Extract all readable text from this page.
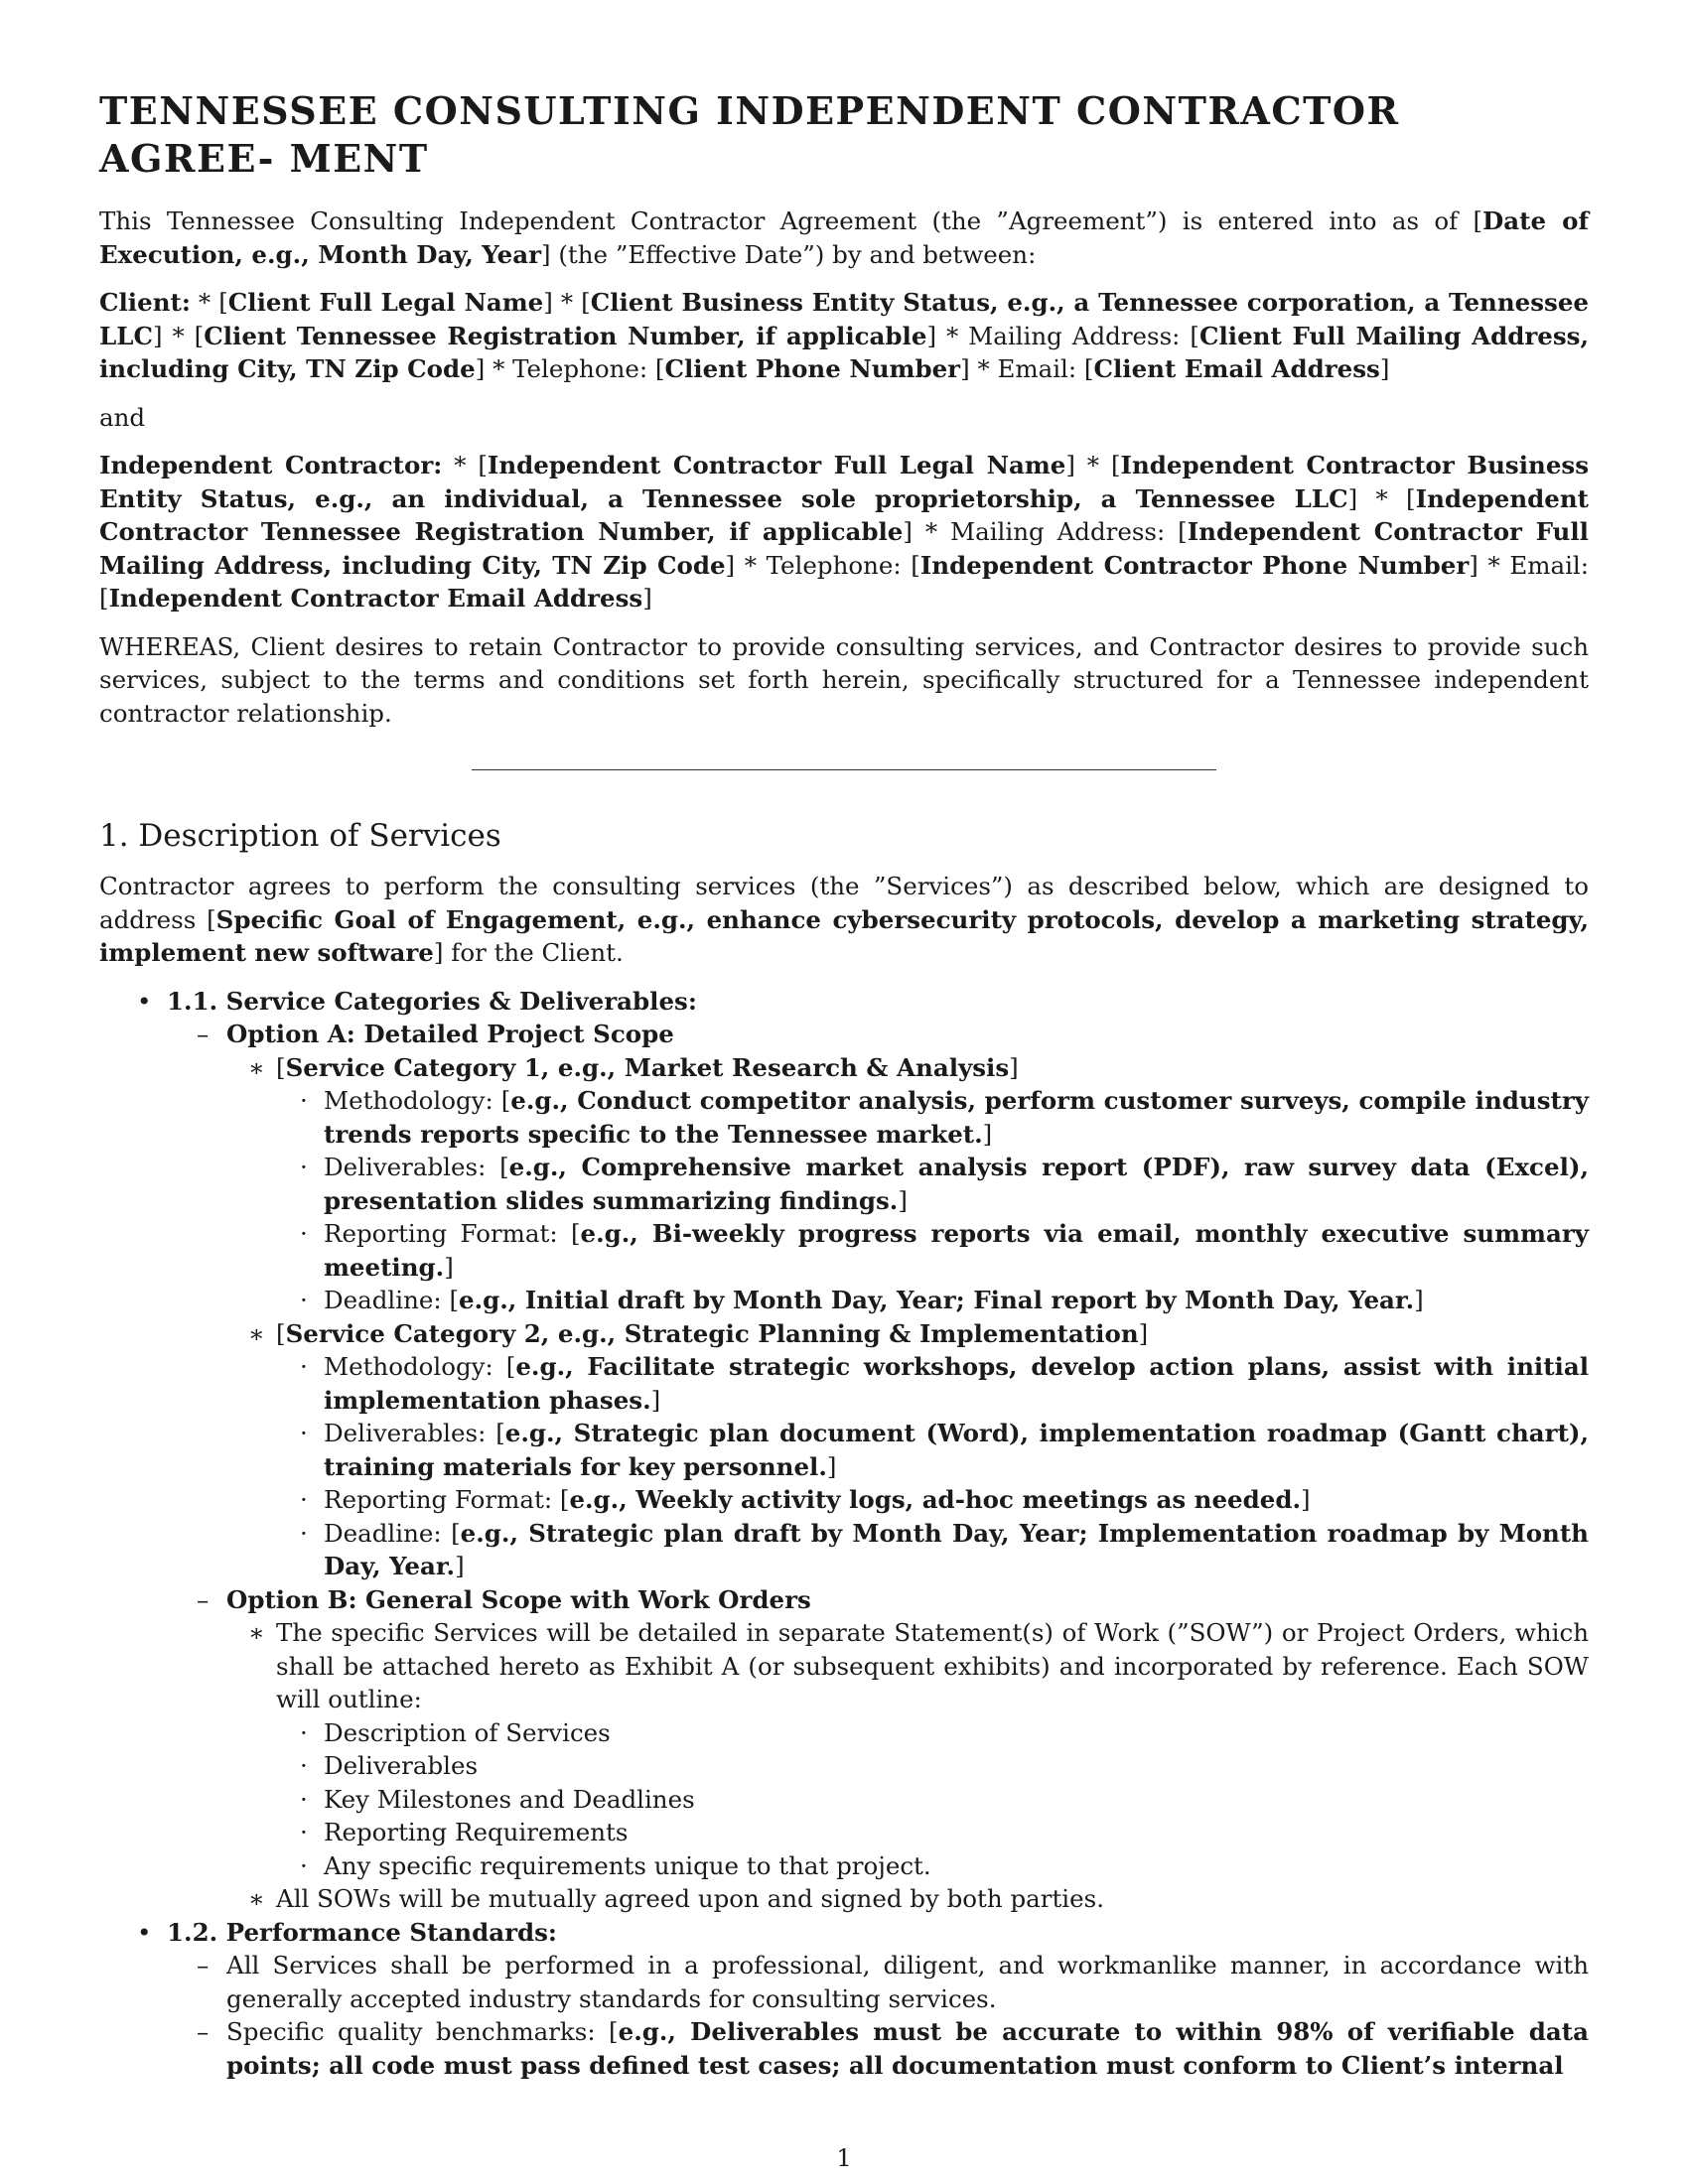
TENNESSEE CONSULTING INDEPENDENT CONTRACTOR AGREE- MENT

This Tennessee Consulting Independent Contractor Agreement (the ”Agreement”) is entered into as of [Date of Execution, e.g., Month Day, Year] (the ”Effective Date”) by and between:

Client: * [Client Full Legal Name] * [Client Business Entity Status, e.g., a Tennessee corporation, a Tennessee LLC] * [Client Tennessee Registration Number, if applicable] * Mailing Address: [Client Full Mailing Address, including City, TN Zip Code] * Telephone: [Client Phone Number] * Email: [Client Email Address]

and

Independent Contractor: * [Independent Contractor Full Legal Name] * [Independent Contractor Business Entity Status, e.g., an individual, a Tennessee sole proprietorship, a Tennessee LLC] * [Independent Contractor Tennessee Registration Number, if applicable] * Mailing Address: [Independent Contractor Full Mailing Address, including City, TN Zip Code] * Telephone: [Independent Contractor Phone Number] * Email: [Independent Contractor Email Address]

WHEREAS, Client desires to retain Contractor to provide consulting services, and Contractor desires to provide such services, subject to the terms and conditions set forth herein, specifically structured for a Tennessee independent contractor relationship.

1. Description of Services

Contractor agrees to perform the consulting services (the ”Services”) as described below, which are designed to address [Specific Goal of Engagement, e.g., enhance cybersecurity protocols, develop a marketing strategy, implement new software] for the Client.

• 1.1. Service Categories & Deliverables:
– Option A: Detailed Project Scope
∗ [Service Category 1, e.g., Market Research & Analysis]
· Methodology: [e.g., Conduct competitor analysis, perform customer surveys, compile industry trends reports specific to the Tennessee market.]
· Deliverables: [e.g., Comprehensive market analysis report (PDF), raw survey data (Excel), presentation slides summarizing findings.]
· Reporting Format: [e.g., Bi-weekly progress reports via email, monthly executive summary meeting.]
· Deadline: [e.g., Initial draft by Month Day, Year; Final report by Month Day, Year.]
∗ [Service Category 2, e.g., Strategic Planning & Implementation]
· Methodology: [e.g., Facilitate strategic workshops, develop action plans, assist with initial implementation phases.]
· Deliverables: [e.g., Strategic plan document (Word), implementation roadmap (Gantt chart), training materials for key personnel.]
· Reporting Format: [e.g., Weekly activity logs, ad-hoc meetings as needed.]
· Deadline: [e.g., Strategic plan draft by Month Day, Year; Implementation roadmap by Month Day, Year.]
– Option B: General Scope with Work Orders
∗ The specific Services will be detailed in separate Statement(s) of Work (”SOW”) or Project Orders, which shall be attached hereto as Exhibit A (or subsequent exhibits) and incorporated by reference. Each SOW will outline:
· Description of Services
· Deliverables
· Key Milestones and Deadlines
· Reporting Requirements
· Any specific requirements unique to that project.
∗ All SOWs will be mutually agreed upon and signed by both parties.
• 1.2. Performance Standards:
– All Services shall be performed in a professional, diligent, and workmanlike manner, in accordance with generally accepted industry standards for consulting services.
– Specific quality benchmarks: [e.g., Deliverables must be accurate to within 98% of verifiable data points; all code must pass defined test cases; all documentation must conform to Client’s internal
1
